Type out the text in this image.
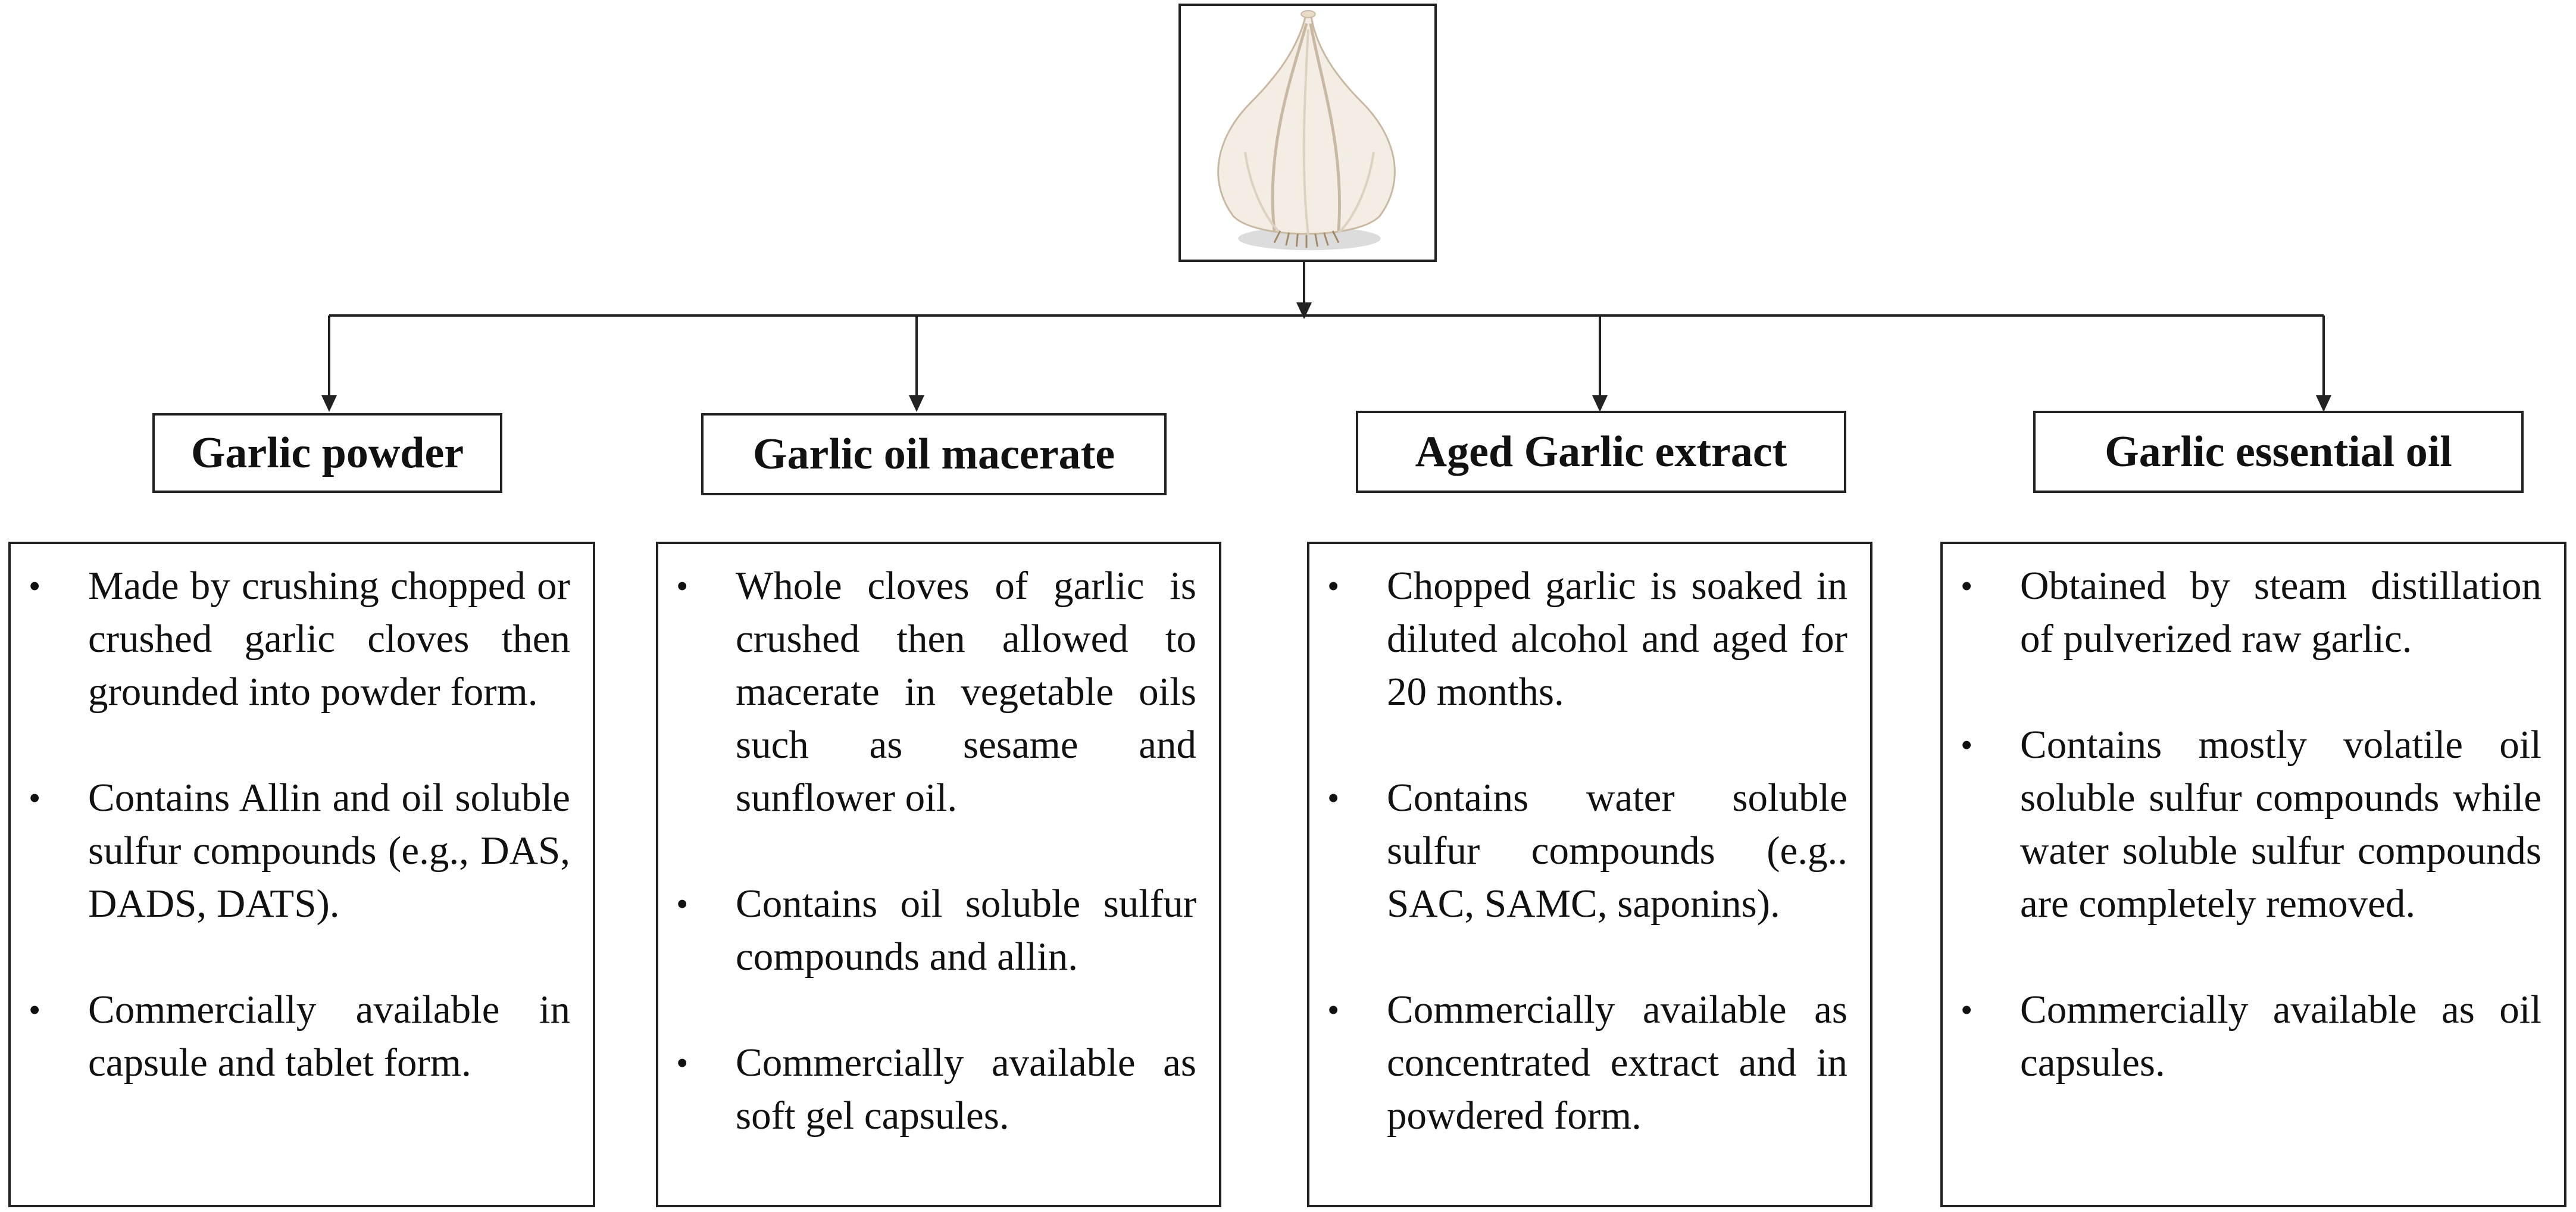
Garlic powder	Garlic oil macerate	Aged Garlic extract	Garlic essential oil
• Made by crushing chopped or crushed garlic cloves then grounded into powder form.
• Contains Allin and oil soluble sulfur compounds (e.g., DAS, DADS, DATS).
• Commercially available in capsule and tablet form.
• Whole cloves of garlic is crushed then allowed to macerate in vegetable oils such as sesame and sunflower oil.
• Contains oil soluble sulfur compounds and allin.
• Commercially available as soft gel capsules.
• Chopped garlic is soaked in diluted alcohol and aged for 20 months.
• Contains water soluble sulfur compounds (e.g.. SAC, SAMC, saponins).
• Commercially available as concentrated extract and in powdered form.
• Obtained by steam distillation of pulverized raw garlic.
• Contains mostly volatile oil soluble sulfur compounds while water soluble sulfur compounds are completely removed.
• Commercially available as oil capsules.
